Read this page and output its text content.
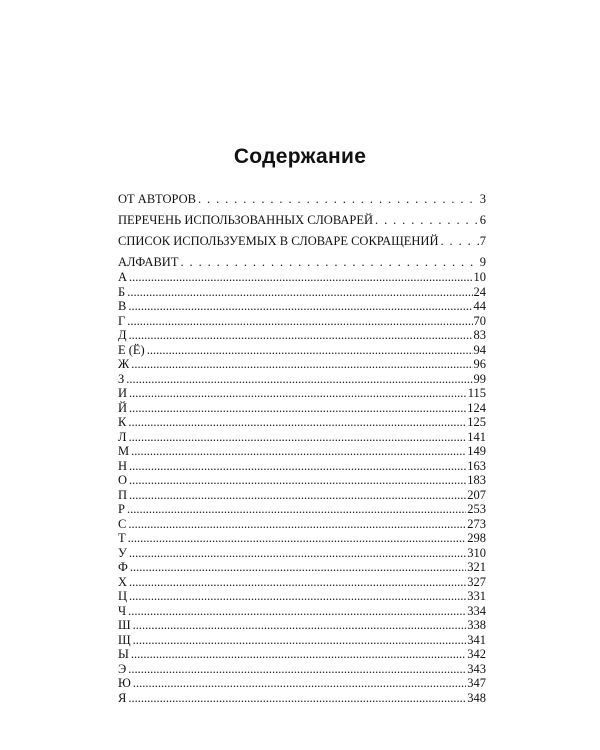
Содержание
ОТ АВТОРОВ . . .	3
ПЕРЕЧЕНЬ ИСПОЛЬЗОВАННЫХ СЛОВАРЕЙ . . .	6
СПИСОК ИСПОЛЬЗУЕМЫХ В СЛОВАРЕ СОКРАЩЕНИЙ . . .	7
АЛФАВИТ . . .	9
А .....	10
Б .....	24
В .....	44
Г .....	70
Д .....	83
Е (Ё) .....	94
Ж .....	96
З .....	99
И .....	115
Й .....	124
К .....	125
Л .....	141
М .....	149
Н .....	163
О .....	183
П .....	207
Р .....	253
С .....	273
Т .....	298
У .....	310
Ф .....	321
Х .....	327
Ц .....	331
Ч .....	334
Ш .....	338
Щ .....	341
Ы .....	342
Э .....	343
Ю .....	347
Я .....	348
